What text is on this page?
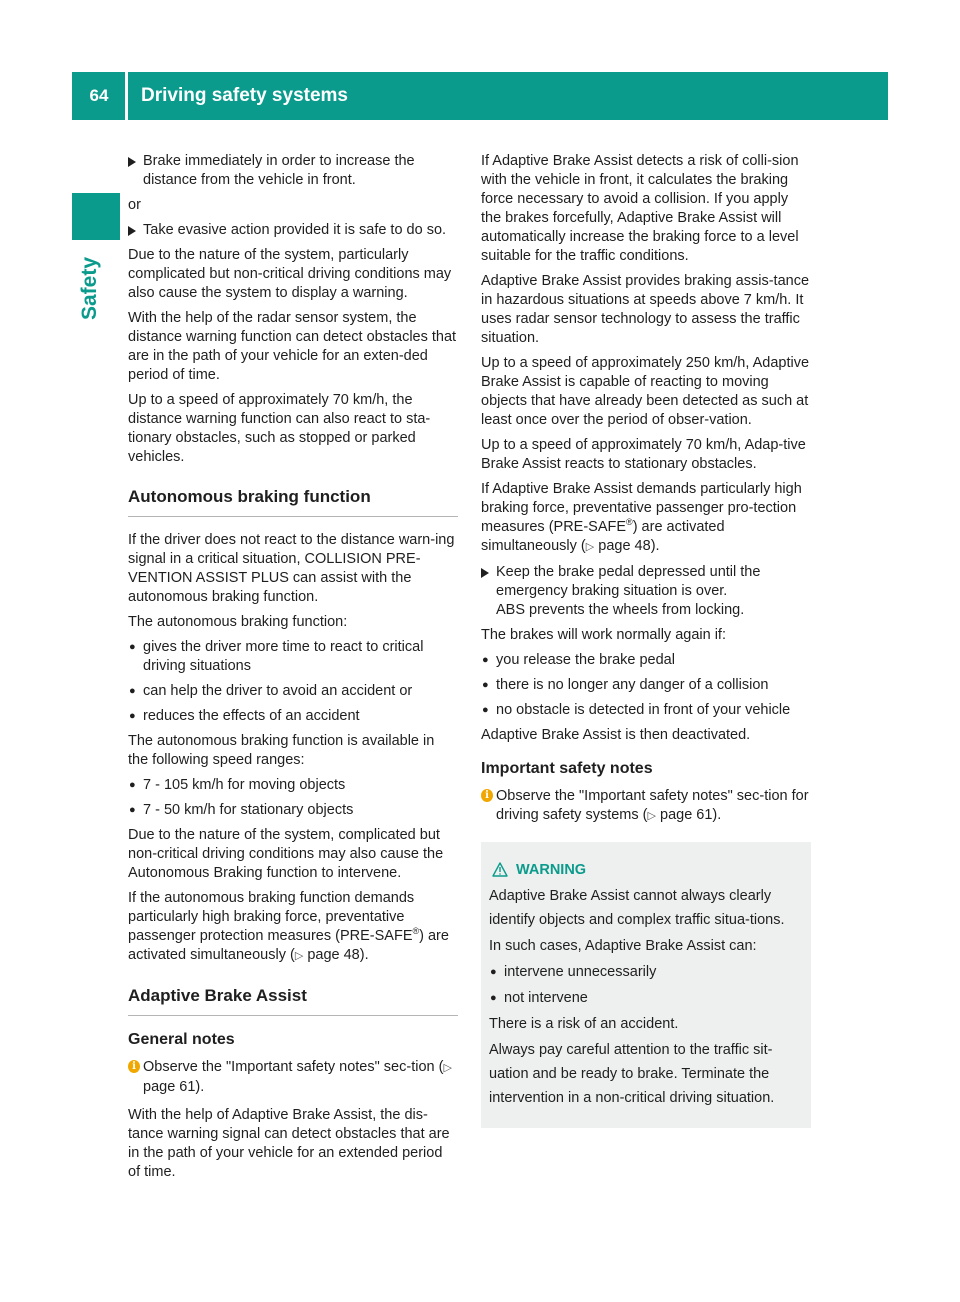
64	Driving safety systems
Safety
Brake immediately in order to increase the distance from the vehicle in front.

or

Take evasive action provided it is safe to do so.

Due to the nature of the system, particularly complicated but non-critical driving conditions may also cause the system to display a warning.

With the help of the radar sensor system, the distance warning function can detect obstacles that are in the path of your vehicle for an exten-ded period of time.

Up to a speed of approximately 70 km/h, the distance warning function can also react to sta-tionary obstacles, such as stopped or parked vehicles.

Autonomous braking function

If the driver does not react to the distance warn-ing signal in a critical situation, COLLISION PRE-VENTION ASSIST PLUS can assist with the autonomous braking function.

The autonomous braking function:

● gives the driver more time to react to critical driving situations
● can help the driver to avoid an accident or
● reduces the effects of an accident

The autonomous braking function is available in the following speed ranges:

● 7 - 105 km/h for moving objects
● 7 - 50 km/h for stationary objects

Due to the nature of the system, complicated but non-critical driving conditions may also cause the Autonomous Braking function to intervene.

If the autonomous braking function demands particularly high braking force, preventative passenger protection measures (PRE-SAFE®) are activated simultaneously (▷ page 48).

Adaptive Brake Assist
General notes
i Observe the "Important safety notes" sec-tion (▷ page 61).

With the help of Adaptive Brake Assist, the dis-tance warning signal can detect obstacles that are in the path of your vehicle for an extended period of time.

If Adaptive Brake Assist detects a risk of colli-sion with the vehicle in front, it calculates the braking force necessary to avoid a collision. If you apply the brakes forcefully, Adaptive Brake Assist will automatically increase the braking force to a level suitable for the traffic conditions.

Adaptive Brake Assist provides braking assis-tance in hazardous situations at speeds above 7 km/h. It uses radar sensor technology to assess the traffic situation.

Up to a speed of approximately 250 km/h, Adaptive Brake Assist is capable of reacting to moving objects that have already been detected as such at least once over the period of obser-vation.

Up to a speed of approximately 70 km/h, Adap-tive Brake Assist reacts to stationary obstacles.

If Adaptive Brake Assist demands particularly high braking force, preventative passenger pro-tection measures (PRE-SAFE®) are activated simultaneously (▷ page 48).

Keep the brake pedal depressed until the emergency braking situation is over.
ABS prevents the wheels from locking.

The brakes will work normally again if:

● you release the brake pedal
● there is no longer any danger of a collision
● no obstacle is detected in front of your vehicle

Adaptive Brake Assist is then deactivated.

Important safety notes
i Observe the "Important safety notes" sec-tion for driving safety systems (▷ page 61).
WARNING

Adaptive Brake Assist cannot always clearly identify objects and complex traffic situa-tions.

In such cases, Adaptive Brake Assist can:

● intervene unnecessarily
● not intervene

There is a risk of an accident.

Always pay careful attention to the traffic sit-uation and be ready to brake. Terminate the intervention in a non-critical driving situation.
